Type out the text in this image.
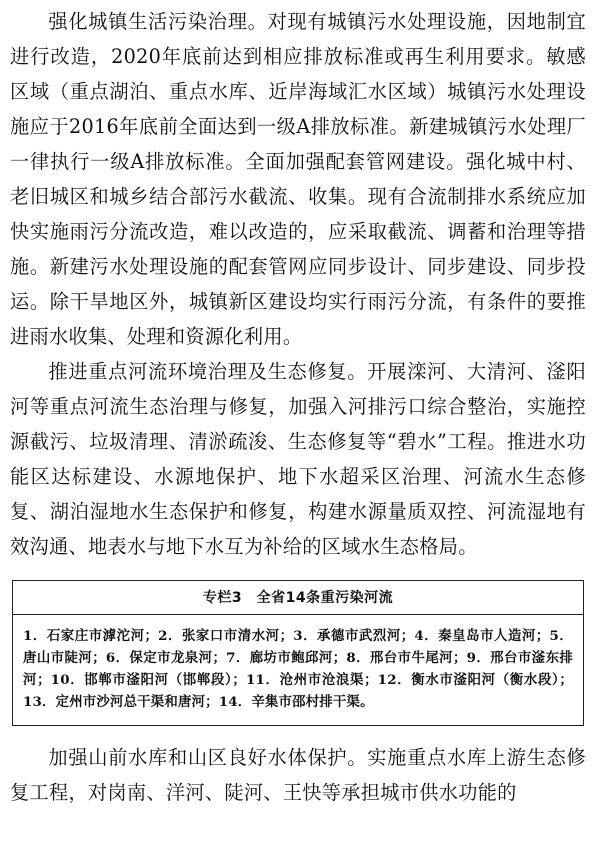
强化城镇生活污染治理。对现有城镇污水处理设施，因地制宜进行改造，2020年底前达到相应排放标准或再生利用要求。敏感区域（重点湖泊、重点水库、近岸海域汇水区域）城镇污水处理设施应于2016年底前全面达到一级A排放标准。新建城镇污水处理厂一律执行一级A排放标准。全面加强配套管网建设。强化城中村、老旧城区和城乡结合部污水截流、收集。现有合流制排水系统应加快实施雨污分流改造，难以改造的，应采取截流、调蓄和治理等措施。新建污水处理设施的配套管网应同步设计、同步建设、同步投运。除干旱地区外，城镇新区建设均实行雨污分流，有条件的要推进雨水收集、处理和资源化利用。

推进重点河流环境治理及生态修复。开展滦河、大清河、滏阳河等重点河流生态治理与修复，加强入河排污口综合整治，实施控源截污、垃圾清理、清淤疏浚、生态修复等“碧水”工程。推进水功能区达标建设、水源地保护、地下水超采区治理、河流水生态修复、湖泊湿地水生态保护和修复，构建水源量质双控、河流湿地有效沟通、地表水与地下水互为补给的区域水生态格局。

专栏3　全省14条重污染河流
1．石家庄市滹沱河；2．张家口市清水河；3．承德市武烈河；4．秦皇岛市人造河；5．唐山市陡河；6．保定市龙泉河；7．廊坊市鲍邱河；8．邢台市牛尾河；9．邢台市滏东排河；10．邯郸市滏阳河（邯郸段）；11．沧州市沧浪渠；12．衡水市滏阳河（衡水段）；13．定州市沙河总干渠和唐河；14．辛集市邵村排干渠。

加强山前水库和山区良好水体保护。实施重点水库上游生态修复工程，对岗南、洋河、陡河、王快等承担城市供水功能的
